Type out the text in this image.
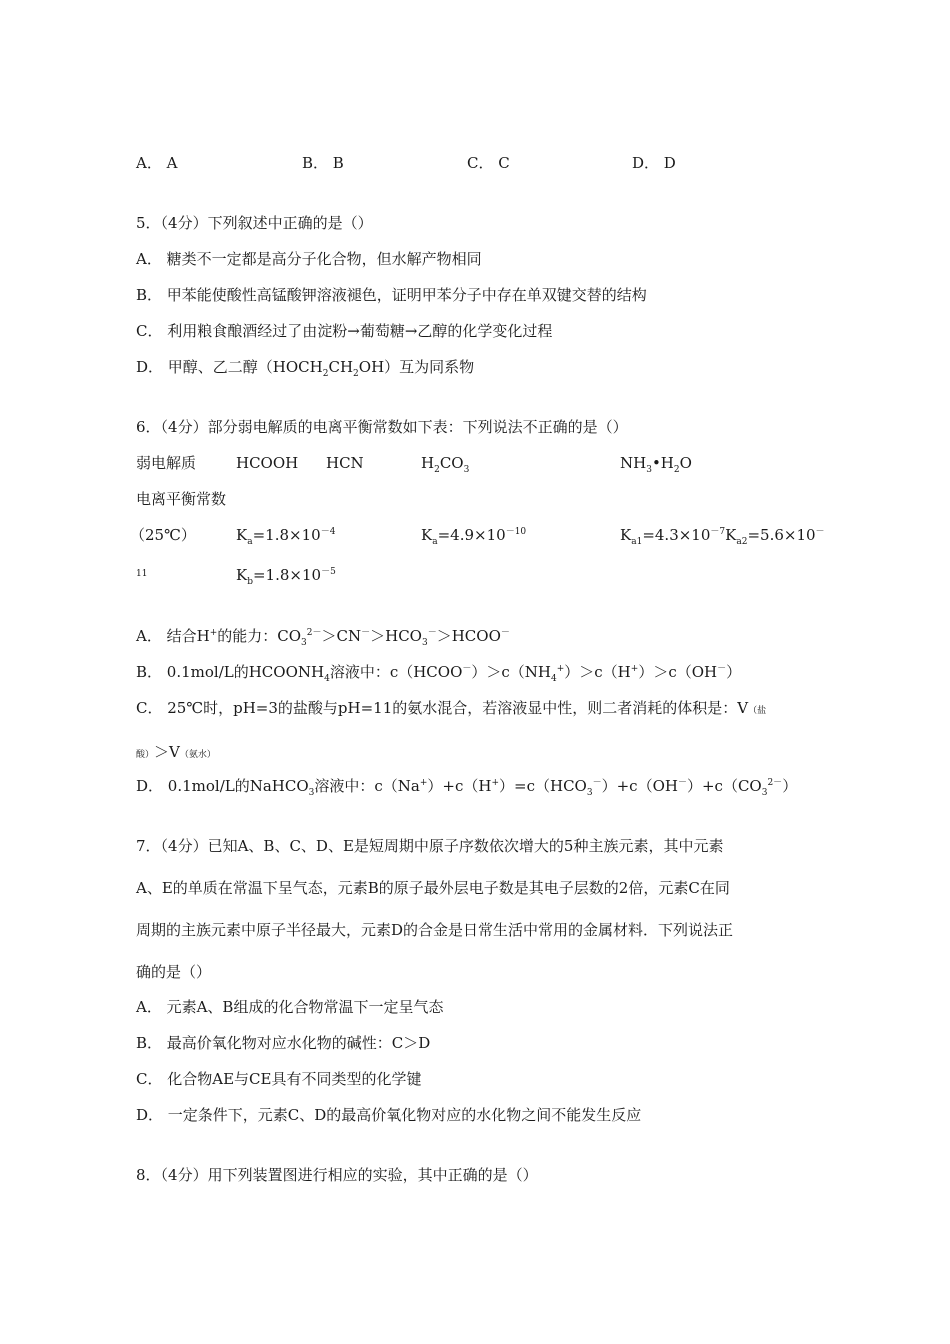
A． A	B． B	C． C	D． D
5．（4分）下列叙述中正确的是（）
A． 糖类不一定都是高分子化合物，但水解产物相同
B． 甲苯能使酸性高锰酸钾溶液褪色，证明甲苯分子中存在单双键交替的结构
C． 利用粮食酿酒经过了由淀粉→葡萄糖→乙醇的化学变化过程
D． 甲醇、乙二醇$(HOCH_2CH_2OH)$互为同系物
6．（4分）部分弱电解质的电离平衡常数如下表：下列说法不正确的是（）
弱电解质	HCOOH HCN	$H_2CO_3$	$NH_3•H_2O$
电离平衡常数
（25℃）	$K_a=1.8\times 10^{-4}$	$K_a=4.9\times 10^{-10}$	$K_{a1}=4.3\times 10^{-7}K_{a2}=5.6\times 10^-$
11	$K_b=1.8\times 10^{-5}$
A． 结合H+的能力：$CO_3^{2-}>CN^->HCO_3^->HCOO^-$
B． 0.1mol/L的$HCOONH_4$溶液中：$c(HCOO^-)>c(NH_4^+)>c(H^+)>c(OH^-)$
C． 25℃时，pH=3的盐酸与pH=11的氨水混合，若溶液显中性，则二者消耗的体积是：V（盐
酸）＞V（氨水）
D． 0.1mol/L的NaHCO$_3$溶液中：$c(Na^+)+c(H^+)=c(HCO_3^-)+c(OH^-)+c(CO_3^{2-})$
7．（4分）已知A、B、C、D、E是短周期中原子序数依次增大的5种主族元素，其中元素
A、E的单质在常温下呈气态，元素B的原子最外层电子数是其电子层数的2倍，元素C在同
周期的主族元素中原子半径最大，元素D的合金是日常生活中常用的金属材料．下列说法正
确的是（）
A． 元素A、B组成的化合物常温下一定呈气态
B． 最高价氧化物对应水化物的碱性：C＞D
C． 化合物AE与CE具有不同类型的化学键
D． 一定条件下，元素C、D的最高价氧化物对应的水化物之间不能发生反应
8．（4分）用下列装置图进行相应的实验，其中正确的是（）
